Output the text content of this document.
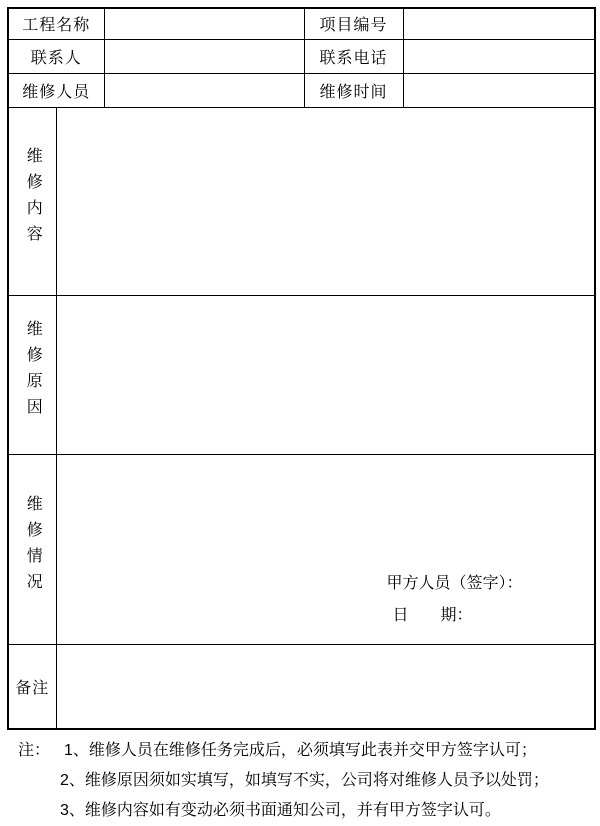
工程名称			项目编号	
联系人			联系电话	
维修人员			维修时间	
维修内容				
维修原因				
维修情况	甲方人员（签字）：
日　　期：			

备注				
注： 1、维修人员在维修任务完成后，必须填写此表并交甲方签字认可；
2、维修原因须如实填写，如填写不实，公司将对维修人员予以处罚；
3、维修内容如有变动必须书面通知公司，并有甲方签字认可。
